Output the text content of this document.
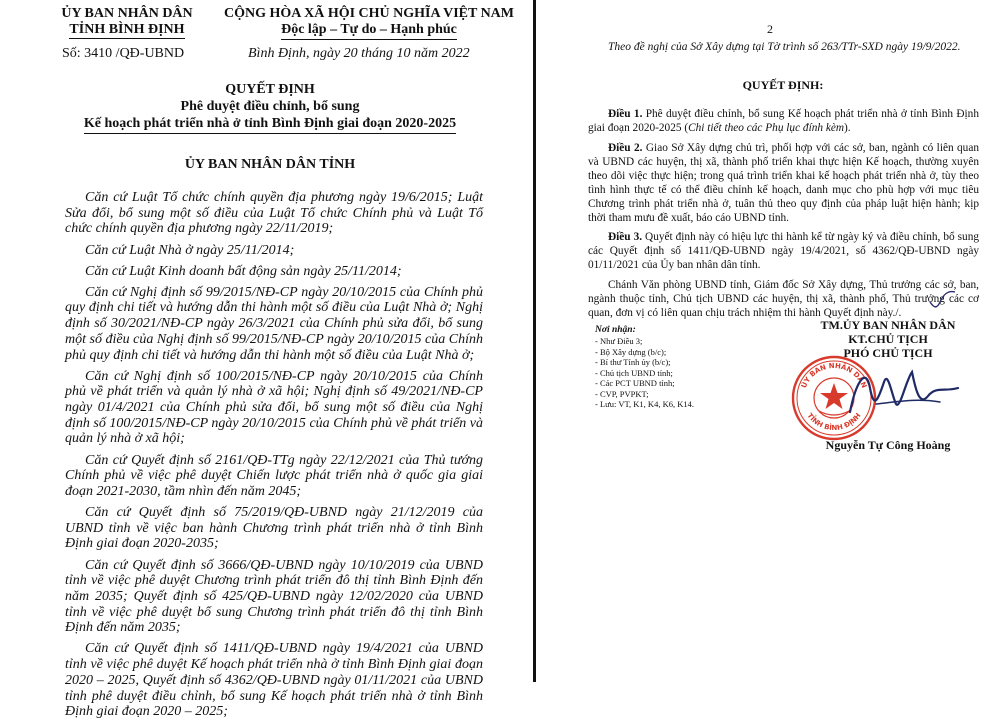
ỦY BAN NHÂN DÂN
TỈNH BÌNH ĐỊNH
CỘNG HÒA XÃ HỘI CHỦ NGHĨA VIỆT NAM
Độc lập – Tự do – Hạnh phúc
Số: 3410 /QĐ-UBND	Bình Định, ngày 20 tháng 10 năm 2022
QUYẾT ĐỊNH
Phê duyệt điều chỉnh, bổ sung
Kế hoạch phát triển nhà ở tỉnh Bình Định giai đoạn 2020-2025
ỦY BAN NHÂN DÂN TỈNH

Căn cứ Luật Tổ chức chính quyền địa phương ngày 19/6/2015; Luật Sửa đổi, bổ sung một số điều của Luật Tổ chức Chính phủ và Luật Tổ chức chính quyền địa phương ngày 22/11/2019;

Căn cứ Luật Nhà ở ngày 25/11/2014;

Căn cứ Luật Kinh doanh bất động sản ngày 25/11/2014;

Căn cứ Nghị định số 99/2015/NĐ-CP ngày 20/10/2015 của Chính phủ quy định chi tiết và hướng dẫn thi hành một số điều của Luật Nhà ở; Nghị định số 30/2021/NĐ-CP ngày 26/3/2021 của Chính phủ sửa đổi, bổ sung một số điều của Nghị định số 99/2015/NĐ-CP ngày 20/10/2015 của Chính phủ quy định chi tiết và hướng dẫn thi hành một số điều của Luật Nhà ở;

Căn cứ Nghị định số 100/2015/NĐ-CP ngày 20/10/2015 của Chính phủ về phát triển và quản lý nhà ở xã hội; Nghị định số 49/2021/NĐ-CP ngày 01/4/2021 của Chính phủ sửa đổi, bổ sung một số điều của Nghị định số 100/2015/NĐ-CP ngày 20/10/2015 của Chính phủ về phát triển và quản lý nhà ở xã hội;

Căn cứ Quyết định số 2161/QĐ-TTg ngày 22/12/2021 của Thủ tướng Chính phủ về việc phê duyệt Chiến lược phát triển nhà ở quốc gia giai đoạn 2021-2030, tầm nhìn đến năm 2045;

Căn cứ Quyết định số 75/2019/QĐ-UBND ngày 21/12/2019 của UBND tỉnh về việc ban hành Chương trình phát triển nhà ở tỉnh Bình Định giai đoạn 2020-2035;

Căn cứ Quyết định số 3666/QĐ-UBND ngày 10/10/2019 của UBND tỉnh về việc phê duyệt Chương trình phát triển đô thị tỉnh Bình Định đến năm 2035; Quyết định số 425/QĐ-UBND ngày 12/02/2020 của UBND tỉnh về việc phê duyệt bổ sung Chương trình phát triển đô thị tỉnh Bình Định đến năm 2035;

Căn cứ Quyết định số 1411/QĐ-UBND ngày 19/4/2021 của UBND tỉnh về việc phê duyệt Kế hoạch phát triển nhà ở tỉnh Bình Định giai đoạn 2020 – 2025, Quyết định số 4362/QĐ-UBND ngày 01/11/2021 của UBND tỉnh phê duyệt điều chỉnh, bổ sung Kế hoạch phát triển nhà ở tỉnh Bình Định giai đoạn 2020 – 2025;

2
Theo đề nghị của Sở Xây dựng tại Tờ trình số 263/TTr-SXD ngày 19/9/2022.
QUYẾT ĐỊNH:

Điều 1. Phê duyệt điều chỉnh, bổ sung Kế hoạch phát triển nhà ở tỉnh Bình Định giai đoạn 2020-2025 (Chi tiết theo các Phụ lục đính kèm).

Điều 2. Giao Sở Xây dựng chủ trì, phối hợp với các sở, ban, ngành có liên quan và UBND các huyện, thị xã, thành phố triển khai thực hiện Kế hoạch, thường xuyên theo dõi việc thực hiện; trong quá trình triển khai kế hoạch phát triển nhà ở, tùy theo tình hình thực tế có thể điều chỉnh kế hoạch, danh mục cho phù hợp với mục tiêu Chương trình phát triển nhà ở, tuân thủ theo quy định của pháp luật hiện hành; kịp thời tham mưu đề xuất, báo cáo UBND tỉnh.

Điều 3. Quyết định này có hiệu lực thi hành kể từ ngày ký và điều chỉnh, bổ sung các Quyết định số 1411/QĐ-UBND ngày 19/4/2021, số 4362/QĐ-UBND ngày 01/11/2021 của Ủy ban nhân dân tỉnh.

Chánh Văn phòng UBND tỉnh, Giám đốc Sở Xây dựng, Thủ trưởng các sở, ban, ngành thuộc tỉnh, Chủ tịch UBND các huyện, thị xã, thành phố, Thủ trưởng các cơ quan, đơn vị có liên quan chịu trách nhiệm thi hành Quyết định này./.

Nơi nhận:
- Như Điều 3;
- Bộ Xây dựng (b/c);
- Bí thư Tỉnh ủy (b/c);
- Chủ tịch UBND tỉnh;
- Các PCT UBND tỉnh;
- CVP, PVPKT;
- Lưu: VT, K1, K4, K6, K14.
TM.ỦY BAN NHÂN DÂN
KT.CHỦ TỊCH
PHÓ CHỦ TỊCH
ỦY BAN NHÂN DÂN
TỈNH BÌNH ĐỊNH
Nguyễn Tự Công Hoàng
